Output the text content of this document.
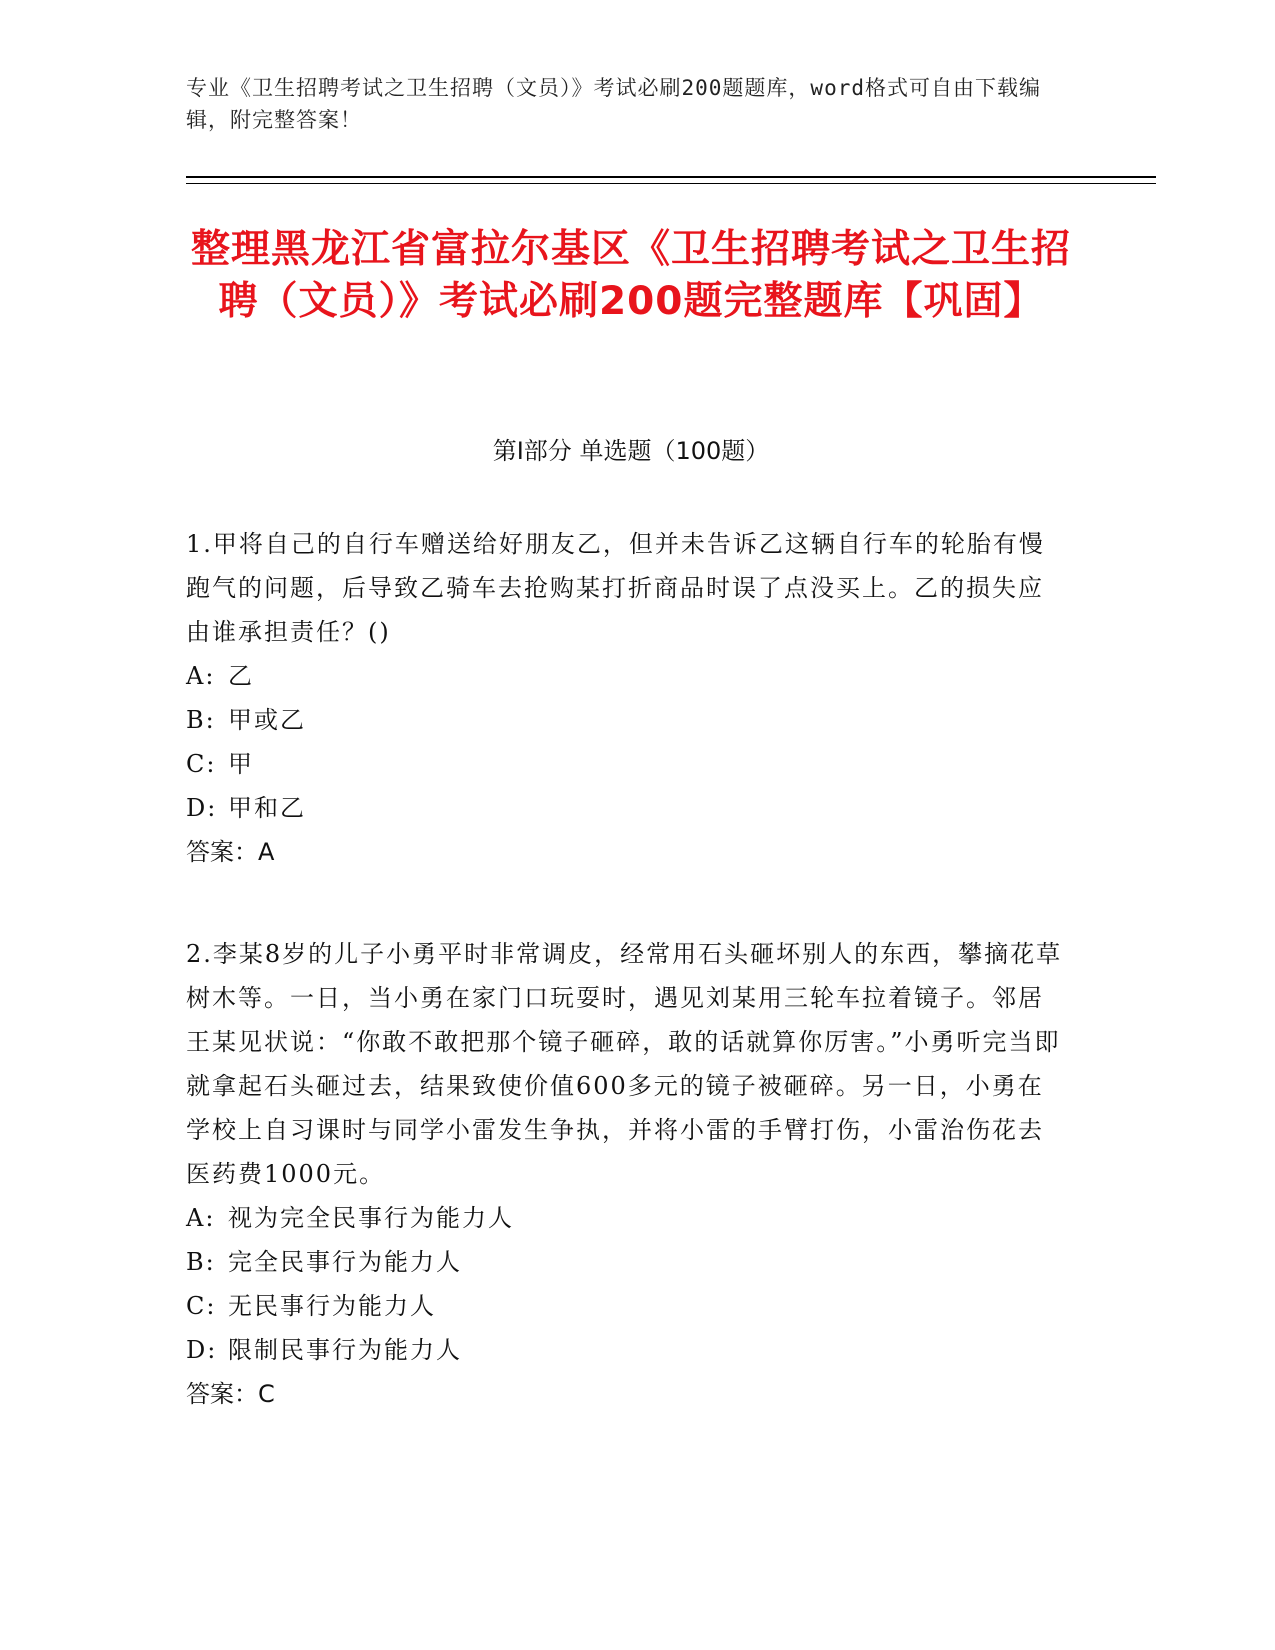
专业《卫生招聘考试之卫生招聘（文员）》考试必刷200题题库，word格式可自由下载编辑，附完整答案！
整理黑龙江省富拉尔基区《卫生招聘考试之卫生招聘（文员）》考试必刷200题完整题库【巩固】
第I部分 单选题（100题）

1.甲将自己的自行车赠送给好朋友乙，但并未告诉乙这辆自行车的轮胎有慢跑气的问题，后导致乙骑车去抢购某打折商品时误了点没买上。乙的损失应由谁承担责任？()

A: 乙

B: 甲或乙

C: 甲

D: 甲和乙

答案：A

2.李某8岁的儿子小勇平时非常调皮，经常用石头砸坏别人的东西，攀摘花草树木等。一日，当小勇在家门口玩耍时，遇见刘某用三轮车拉着镜子。邻居王某见状说：“你敢不敢把那个镜子砸碎，敢的话就算你厉害。”小勇听完当即就拿起石头砸过去，结果致使价值600多元的镜子被砸碎。另一日，小勇在学校上自习课时与同学小雷发生争执，并将小雷的手臂打伤，小雷治伤花去医药费1000元。

A: 视为完全民事行为能力人

B: 完全民事行为能力人

C: 无民事行为能力人

D: 限制民事行为能力人

答案：C
